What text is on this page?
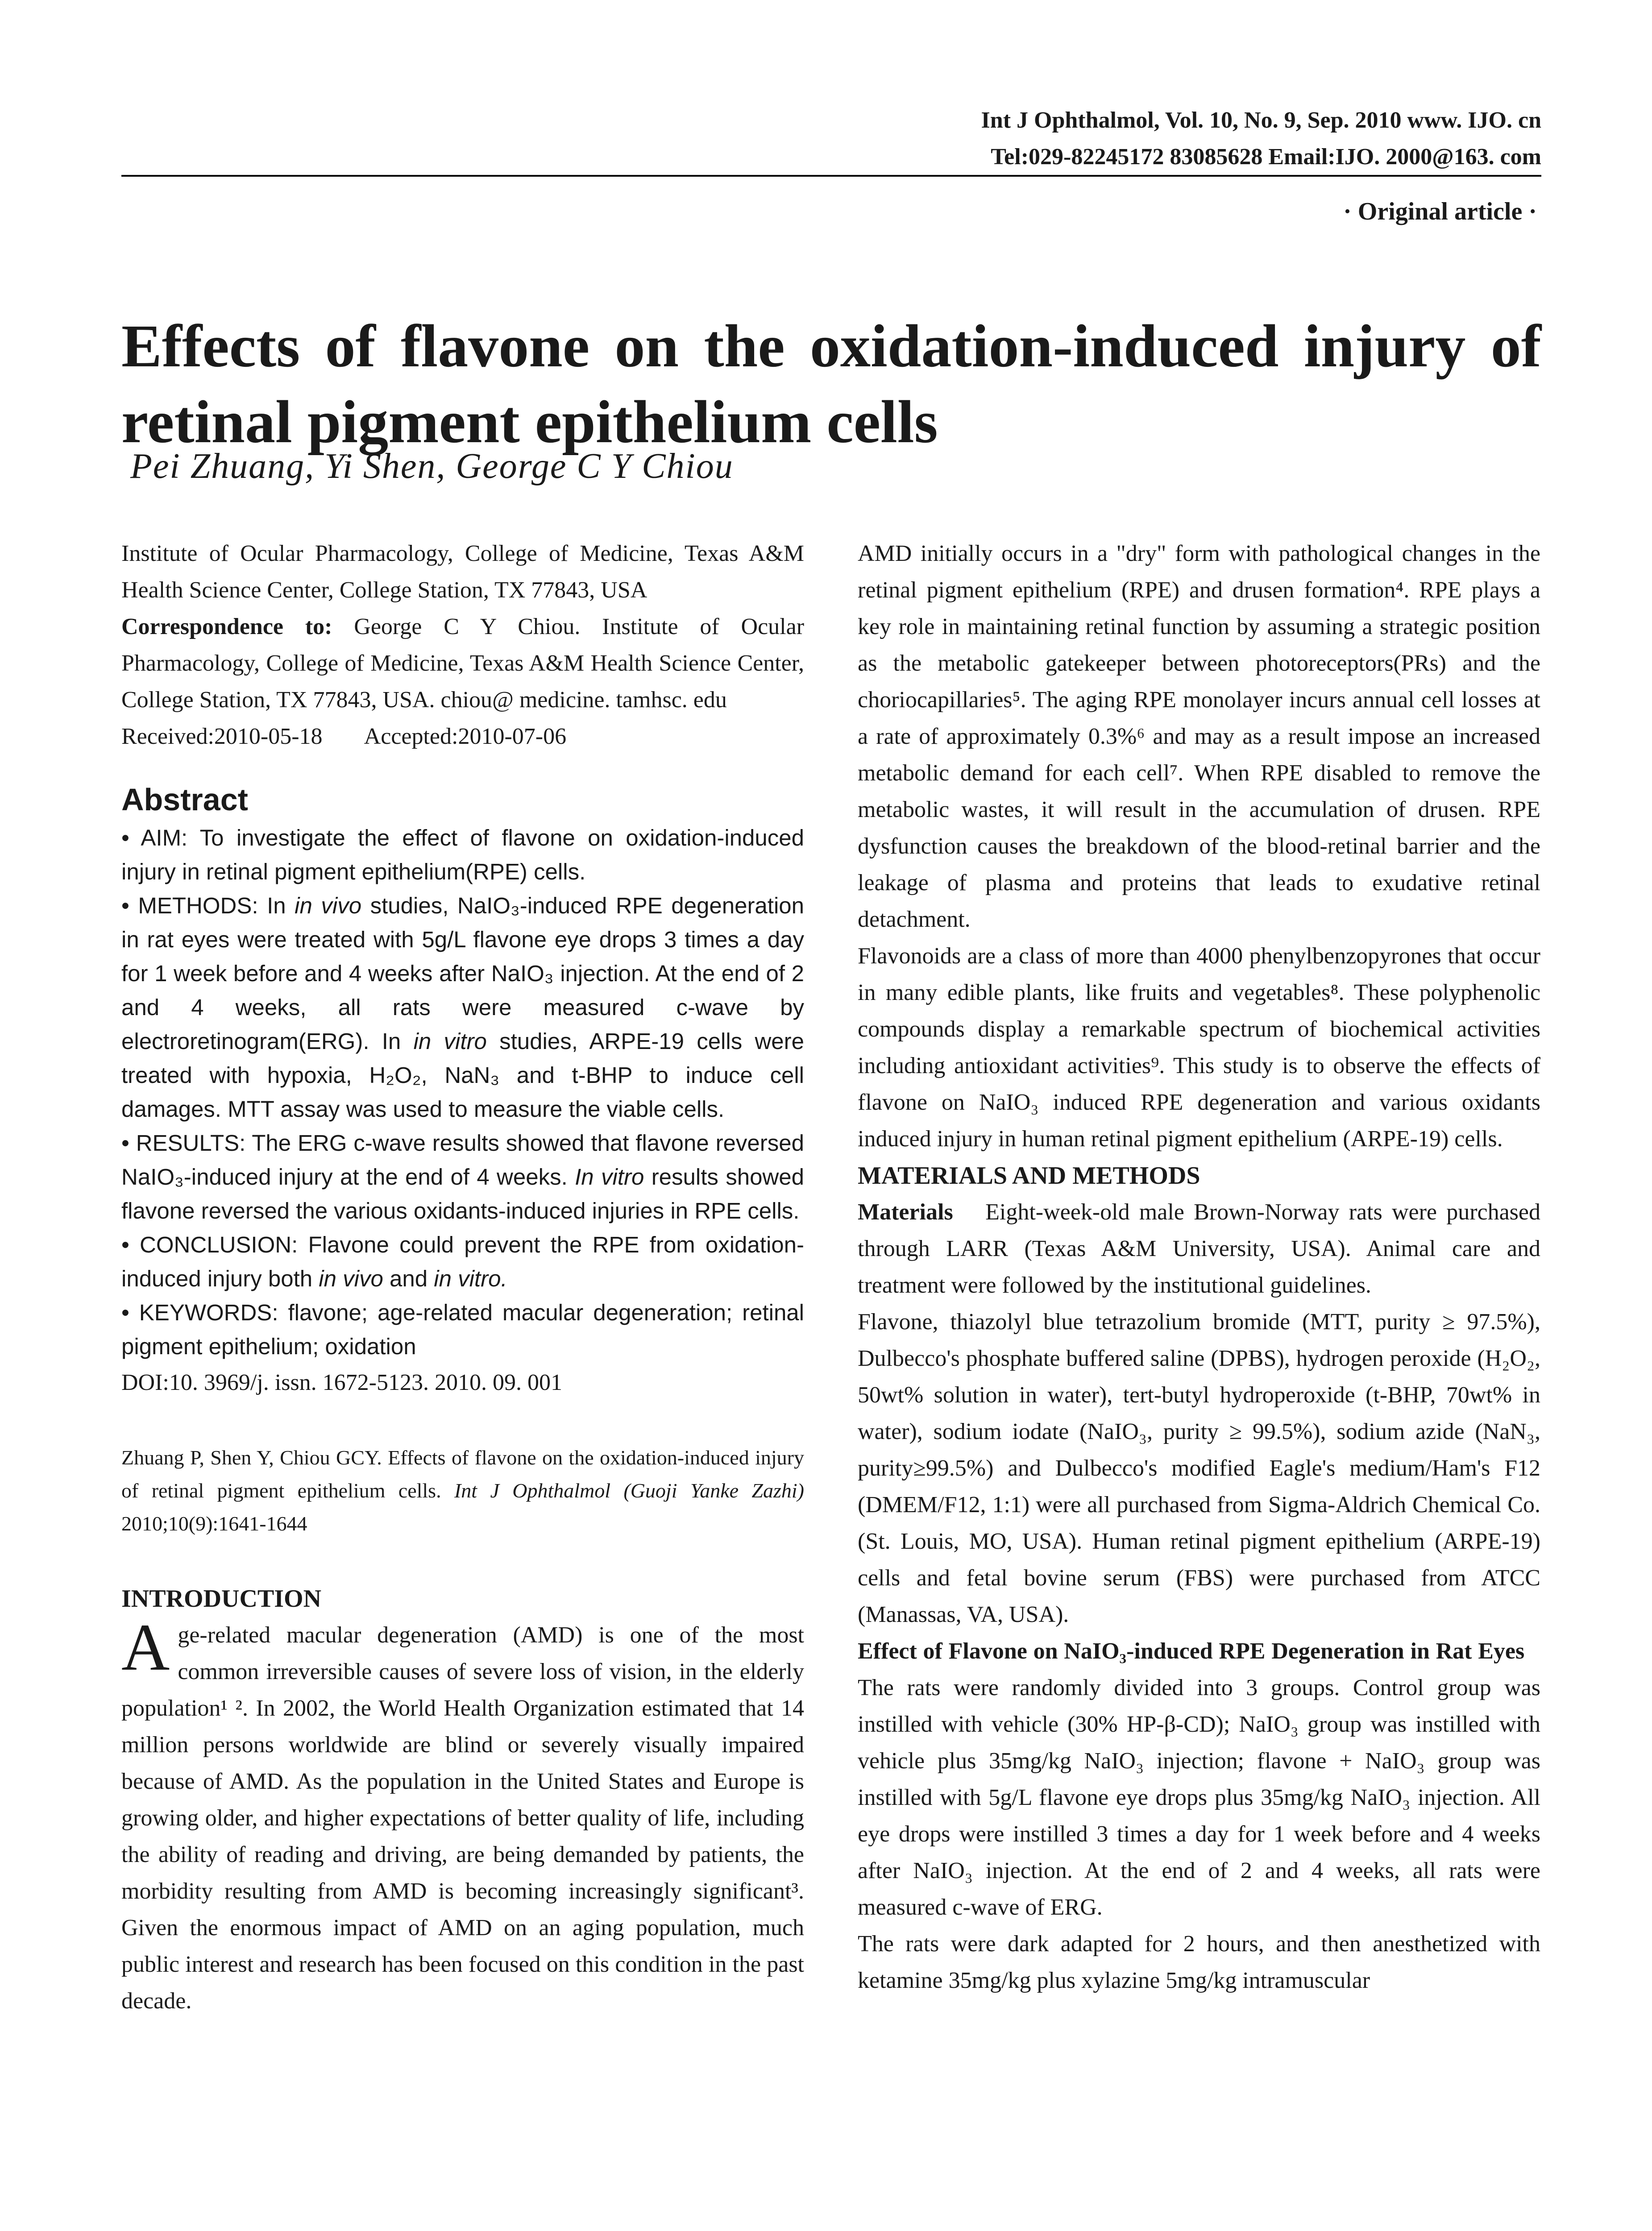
Int J Ophthalmol, Vol. 10, No. 9, Sep. 2010 www. IJO. cn
Tel:029-82245172 83085628 Email:IJO. 2000@163. com
· Original article ·
Effects of flavone on the oxidation-induced injury of retinal pigment epithelium cells
Pei Zhuang, Yi Shen, George C Y Chiou

Institute of Ocular Pharmacology, College of Medicine, Texas A&M Health Science Center, College Station, TX 77843, USA

Correspondence to: George C Y Chiou. Institute of Ocular Pharmacology, College of Medicine, Texas A&M Health Science Center, College Station, TX 77843, USA. chiou@ medicine. tamhsc. edu

Received:2010-05-18 Accepted:2010-07-06

Abstract

• AIM: To investigate the effect of flavone on oxidation-induced injury in retinal pigment epithelium(RPE) cells.

• METHODS: In in vivo studies, NaIO₃-induced RPE degeneration in rat eyes were treated with 5g/L flavone eye drops 3 times a day for 1 week before and 4 weeks after NaIO₃ injection. At the end of 2 and 4 weeks, all rats were measured c-wave by electroretinogram(ERG). In in vitro studies, ARPE-19 cells were treated with hypoxia, H₂O₂, NaN₃ and t-BHP to induce cell damages. MTT assay was used to measure the viable cells.

• RESULTS: The ERG c-wave results showed that flavone reversed NaIO₃-induced injury at the end of 4 weeks. In vitro results showed flavone reversed the various oxidants-induced injuries in RPE cells.

• CONCLUSION: Flavone could prevent the RPE from oxidation-induced injury both in vivo and in vitro.

• KEYWORDS: flavone; age-related macular degeneration; retinal pigment epithelium; oxidation

DOI:10. 3969/j. issn. 1672-5123. 2010. 09. 001

Zhuang P, Shen Y, Chiou GCY. Effects of flavone on the oxidation-induced injury of retinal pigment epithelium cells. Int J Ophthalmol (Guoji Yanke Zazhi) 2010;10(9):1641-1644

INTRODUCTION

Age-related macular degeneration (AMD) is one of the most common irreversible causes of severe loss of vision, in the elderly population¹ ². In 2002, the World Health Organization estimated that 14 million persons worldwide are blind or severely visually impaired because of AMD. As the population in the United States and Europe is growing older, and higher expectations of better quality of life, including the ability of reading and driving, are being demanded by patients, the morbidity resulting from AMD is becoming increasingly significant³. Given the enormous impact of AMD on an aging population, much public interest and research has been focused on this condition in the past decade.

AMD initially occurs in a "dry" form with pathological changes in the retinal pigment epithelium (RPE) and drusen formation⁴. RPE plays a key role in maintaining retinal function by assuming a strategic position as the metabolic gatekeeper between photoreceptors(PRs) and the choriocapillaries⁵. The aging RPE monolayer incurs annual cell losses at a rate of approximately 0.3%⁶ and may as a result impose an increased metabolic demand for each cell⁷. When RPE disabled to remove the metabolic wastes, it will result in the accumulation of drusen. RPE dysfunction causes the breakdown of the blood-retinal barrier and the leakage of plasma and proteins that leads to exudative retinal detachment.

Flavonoids are a class of more than 4000 phenylbenzopyrones that occur in many edible plants, like fruits and vegetables⁸. These polyphenolic compounds display a remarkable spectrum of biochemical activities including antioxidant activities⁹. This study is to observe the effects of flavone on NaIO₃ induced RPE degeneration and various oxidants induced injury in human retinal pigment epithelium (ARPE-19) cells.

MATERIALS AND METHODS

Materials Eight-week-old male Brown-Norway rats were purchased through LARR (Texas A&M University, USA). Animal care and treatment were followed by the institutional guidelines.

Flavone, thiazolyl blue tetrazolium bromide (MTT, purity ≥ 97.5%), Dulbecco's phosphate buffered saline (DPBS), hydrogen peroxide (H₂O₂, 50wt% solution in water), tert-butyl hydroperoxide (t-BHP, 70wt% in water), sodium iodate (NaIO₃, purity ≥ 99.5%), sodium azide (NaN₃, purity≥99.5%) and Dulbecco's modified Eagle's medium/Ham's F12 (DMEM/F12, 1:1) were all purchased from Sigma-Aldrich Chemical Co. (St. Louis, MO, USA). Human retinal pigment epithelium (ARPE-19) cells and fetal bovine serum (FBS) were purchased from ATCC (Manassas, VA, USA).

Effect of Flavone on NaIO₃-induced RPE Degeneration in Rat Eyes  The rats were randomly divided into 3 groups. Control group was instilled with vehicle (30% HP-β-CD); NaIO₃ group was instilled with vehicle plus 35mg/kg NaIO₃ injection; flavone + NaIO₃ group was instilled with 5g/L flavone eye drops plus 35mg/kg NaIO₃ injection. All eye drops were instilled 3 times a day for 1 week before and 4 weeks after NaIO₃ injection. At the end of 2 and 4 weeks, all rats were measured c-wave of ERG.

The rats were dark adapted for 2 hours, and then anesthetized with ketamine 35mg/kg plus xylazine 5mg/kg intramuscular
